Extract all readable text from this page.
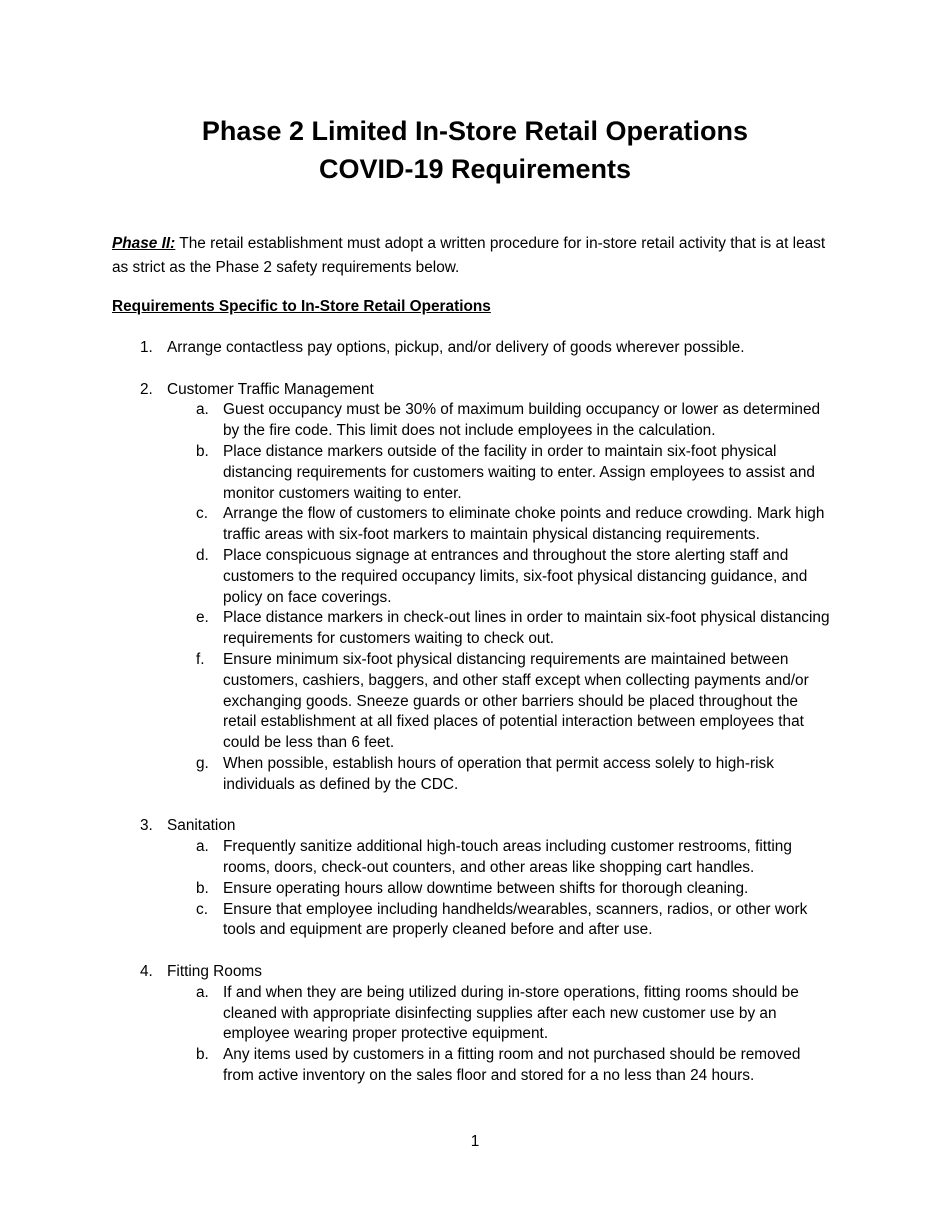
Phase 2 Limited In-Store Retail Operations
COVID-19 Requirements
Phase II: The retail establishment must adopt a written procedure for in-store retail activity that is at least as strict as the Phase 2 safety requirements below.
Requirements Specific to In-Store Retail Operations
1. Arrange contactless pay options, pickup, and/or delivery of goods wherever possible.
2. Customer Traffic Management
a. Guest occupancy must be 30% of maximum building occupancy or lower as determined by the fire code. This limit does not include employees in the calculation.
b. Place distance markers outside of the facility in order to maintain six-foot physical distancing requirements for customers waiting to enter. Assign employees to assist and monitor customers waiting to enter.
c. Arrange the flow of customers to eliminate choke points and reduce crowding. Mark high traffic areas with six-foot markers to maintain physical distancing requirements.
d. Place conspicuous signage at entrances and throughout the store alerting staff and customers to the required occupancy limits, six-foot physical distancing guidance, and policy on face coverings.
e. Place distance markers in check-out lines in order to maintain six-foot physical distancing requirements for customers waiting to check out.
f. Ensure minimum six-foot physical distancing requirements are maintained between customers, cashiers, baggers, and other staff except when collecting payments and/or exchanging goods. Sneeze guards or other barriers should be placed throughout the retail establishment at all fixed places of potential interaction between employees that could be less than 6 feet.
g. When possible, establish hours of operation that permit access solely to high-risk individuals as defined by the CDC.
3. Sanitation
a. Frequently sanitize additional high-touch areas including customer restrooms, fitting rooms, doors, check-out counters, and other areas like shopping cart handles.
b. Ensure operating hours allow downtime between shifts for thorough cleaning.
c. Ensure that employee including handhelds/wearables, scanners, radios, or other work tools and equipment are properly cleaned before and after use.
4. Fitting Rooms
a. If and when they are being utilized during in-store operations, fitting rooms should be cleaned with appropriate disinfecting supplies after each new customer use by an employee wearing proper protective equipment.
b. Any items used by customers in a fitting room and not purchased should be removed from active inventory on the sales floor and stored for a no less than 24 hours.
1
